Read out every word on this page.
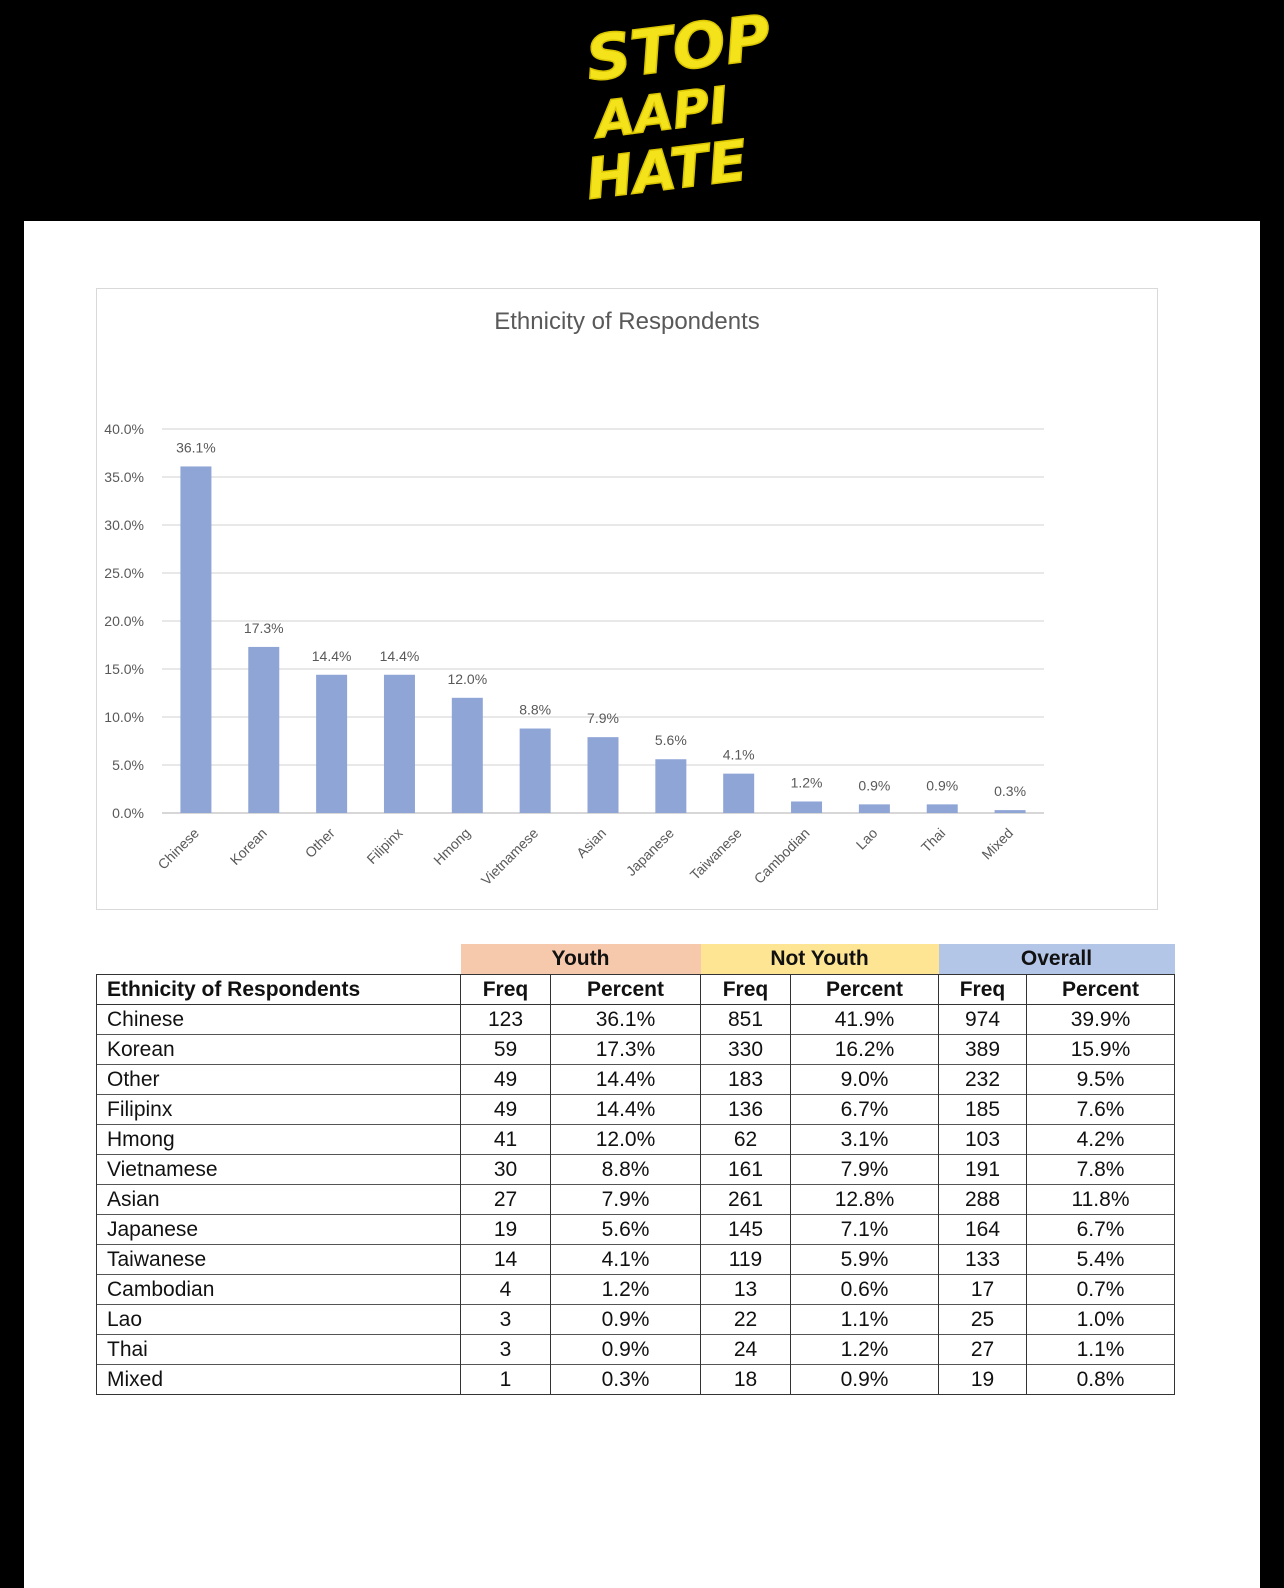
STOP
AAPI
HATE
Ethnicity of Respondents
0.0%
5.0%
10.0%
15.0%
20.0%
25.0%
30.0%
35.0%
40.0%
36.1%
Chinese
17.3%
Korean
14.4%
Other
14.4%
Filipinx
12.0%
Hmong
8.8%
Vietnamese
7.9%
Asian
5.6%
Japanese
4.1%
Taiwanese
1.2%
Cambodian
0.9%
Lao
0.9%
Thai
0.3%
Mixed
	Youth		Not Youth		Overall	
Ethnicity of Respondents	Freq	Percent	Freq	Percent	Freq	Percent
Chinese	123	36.1%	851	41.9%	974	39.9%
Korean	59	17.3%	330	16.2%	389	15.9%
Other	49	14.4%	183	9.0%	232	9.5%
Filipinx	49	14.4%	136	6.7%	185	7.6%
Hmong	41	12.0%	62	3.1%	103	4.2%
Vietnamese	30	8.8%	161	7.9%	191	7.8%
Asian	27	7.9%	261	12.8%	288	11.8%
Japanese	19	5.6%	145	7.1%	164	6.7%
Taiwanese	14	4.1%	119	5.9%	133	5.4%
Cambodian	4	1.2%	13	0.6%	17	0.7%
Lao	3	0.9%	22	1.1%	25	1.0%
Thai	3	0.9%	24	1.2%	27	1.1%
Mixed	1	0.3%	18	0.9%	19	0.8%
